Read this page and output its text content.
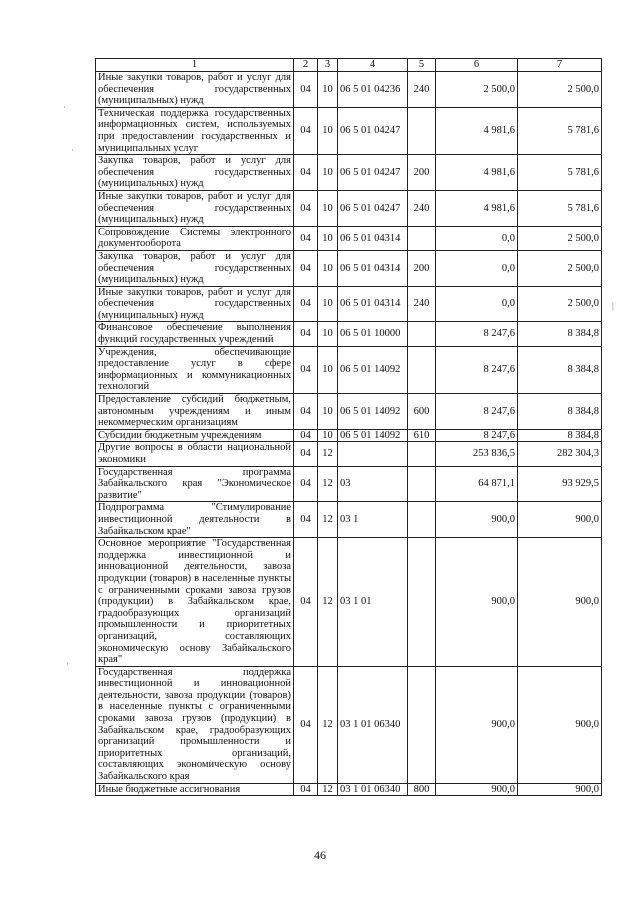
1	2	3	4	5	6	7
Иные закупки товаров, работ и услуг для обеспечения государственных (муниципальных) нужд	04	10	06 5 01 04236	240	2 500,0	2 500,0
Техническая поддержка государственных информационных систем, используемых при предоставлении государственных и муниципальных услуг	04	10	06 5 01 04247		4 981,6	5 781,6
Закупка товаров, работ и услуг для обеспечения государственных (муниципальных) нужд	04	10	06 5 01 04247	200	4 981,6	5 781,6
Иные закупки товаров, работ и услуг для обеспечения государственных (муниципальных) нужд	04	10	06 5 01 04247	240	4 981,6	5 781,6
Сопровождение Системы электронного документооборота	04	10	06 5 01 04314		0,0	2 500,0
Закупка товаров, работ и услуг для обеспечения государственных (муниципальных) нужд	04	10	06 5 01 04314	200	0,0	2 500,0
Иные закупки товаров, работ и услуг для обеспечения государственных (муниципальных) нужд	04	10	06 5 01 04314	240	0,0	2 500,0
Финансовое обеспечение выполнения функций государственных учреждений	04	10	06 5 01 10000		8 247,6	8 384,8
Учреждения, обеспечивающие предоставление услуг в сфере информационных и коммуникационных технологий	04	10	06 5 01 14092		8 247,6	8 384,8
Предоставление субсидий бюджетным, автономным учреждениям и иным некоммерческим организациям	04	10	06 5 01 14092	600	8 247,6	8 384,8
Субсидии бюджетным учреждениям	04	10	06 5 01 14092	610	8 247,6	8 384,8
Другие вопросы в области национальной экономики	04	12			253 836,5	282 304,3
Государственная программа Забайкальского края "Экономическое развитие"	04	12	03		64 871,1	93 929,5
Подпрограмма "Стимулирование инвестиционной деятельности в Забайкальском крае"	04	12	03 1		900,0	900,0
Основное мероприятие "Государственная поддержка инвестиционной и инновационной деятельности, завоза продукции (товаров) в населенные пункты с ограниченными сроками завоза грузов (продукции) в Забайкальском крае, градообразующих организаций промышленности и приоритетных организаций, составляющих экономическую основу Забайкальского края"	04	12	03 1 01		900,0	900,0
Государственная поддержка инвестиционной и инновационной деятельности, завоза продукции (товаров) в населенные пункты с ограниченными сроками завоза грузов (продукции) в Забайкальском крае, градообразующих организаций промышленности и приоритетных организаций, составляющих экономическую основу Забайкальского края	04	12	03 1 01 06340		900,0	900,0
Иные бюджетные ассигнования	04	12	03 1 01 06340	800	900,0	900,0
46
·
·
·
|
